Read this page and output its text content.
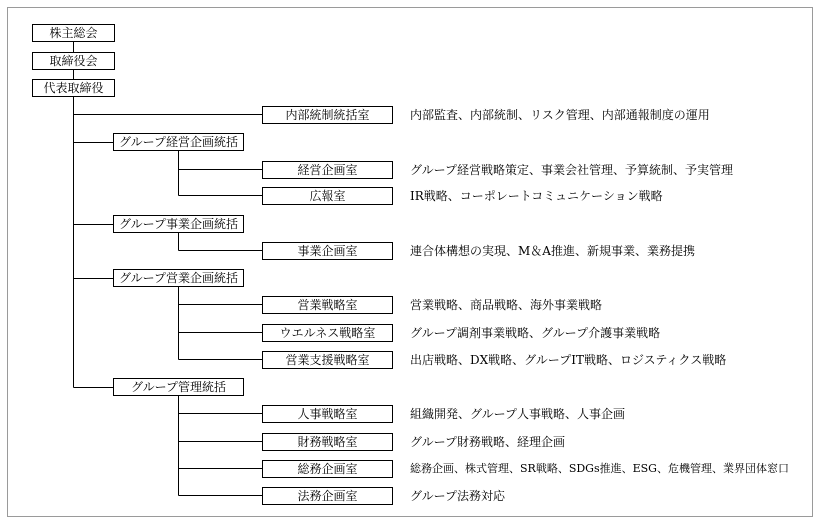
株主総会
取締役会
代表取締役
内部統制統括室	内部監査、内部統制、リスク管理、内部通報制度の運用
グループ経営企画統括
経営企画室	グループ経営戦略策定、事業会社管理、予算統制、予実管理
広報室	IR戦略、コーポレートコミュニケーション戦略
グループ事業企画統括
事業企画室	連合体構想の実現、M＆A推進、新規事業、業務提携
グループ営業企画統括
営業戦略室	営業戦略、商品戦略、海外事業戦略
ウエルネス戦略室	グループ調剤事業戦略、グループ介護事業戦略
営業支援戦略室	出店戦略、DX戦略、グループIT戦略、ロジスティクス戦略
グループ管理統括
人事戦略室	組織開発、グループ人事戦略、人事企画
財務戦略室	グループ財務戦略、経理企画
総務企画室	総務企画、株式管理、SR戦略、SDGs推進、ESG、危機管理、業界団体窓口
法務企画室	グループ法務対応
